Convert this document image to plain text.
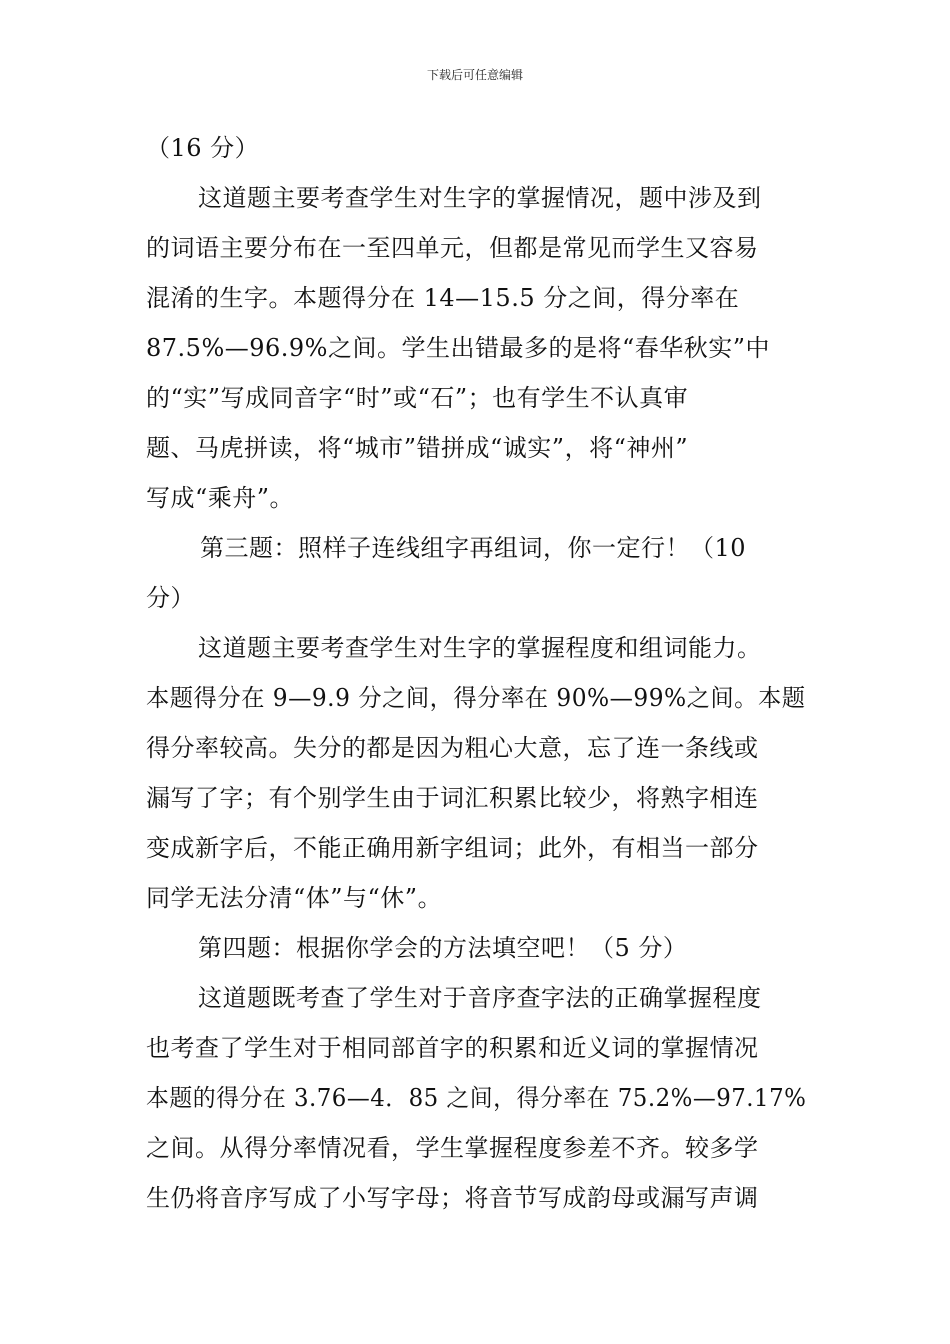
下载后可任意编辑
（16 分）
这道题主要考查学生对生字的掌握情况，题中涉及到
的词语主要分布在一至四单元，但都是常见而学生又容易
混淆的生字。本题得分在 14—15.5 分之间，得分率在
87.5%—96.9%之间。学生出错最多的是将“春华秋实”中
的“实”写成同音字“时”或“石”；也有学生不认真审
题、马虎拼读，将“城市”错拼成“诚实”，将“神州”
写成“乘舟”。
第三题：照样子连线组字再组词，你一定行！（10
分）
这道题主要考查学生对生字的掌握程度和组词能力。
本题得分在 9—9.9 分之间，得分率在 90%—99%之间。本题
得分率较高。失分的都是因为粗心大意，忘了连一条线或
漏写了字；有个别学生由于词汇积累比较少，将熟字相连
变成新字后，不能正确用新字组词；此外，有相当一部分
同学无法分清“体”与“休”。
第四题：根据你学会的方法填空吧！（5 分）
这道题既考查了学生对于音序查字法的正确掌握程度
也考查了学生对于相同部首字的积累和近义词的掌握情况
本题的得分在 3.76—4．85 之间，得分率在 75.2%—97.17%
之间。从得分率情况看，学生掌握程度参差不齐。较多学
生仍将音序写成了小写字母；将音节写成韵母或漏写声调
